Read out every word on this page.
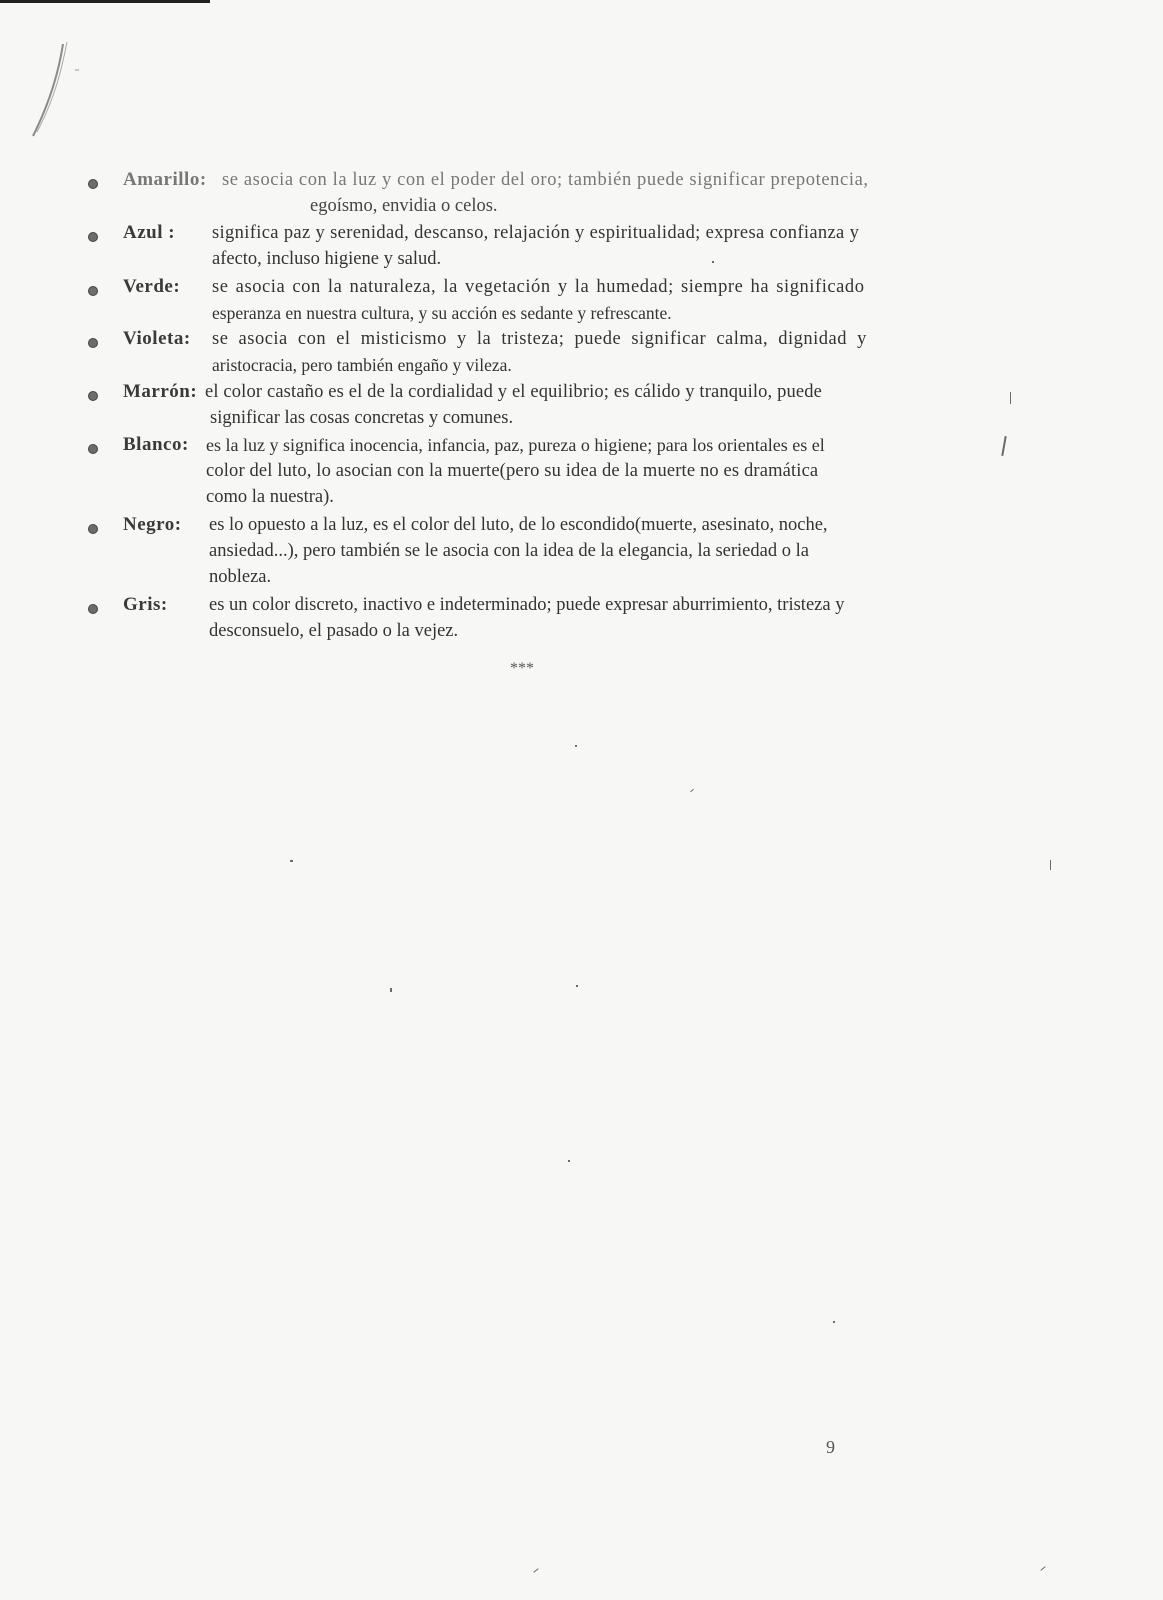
Amarillo: se asocia con la luz y con el poder del oro; también puede significar prepotencia,
egoísmo, envidia o celos.
Azul : significa paz y serenidad, descanso, relajación y espiritualidad; expresa confianza y
afecto, incluso higiene y salud.
Verde: se asocia con la naturaleza, la vegetación y la humedad; siempre ha significado
esperanza en nuestra cultura, y su acción es sedante y refrescante.
Violeta: se asocia con el misticismo y la tristeza; puede significar calma, dignidad y
aristocracia, pero también engaño y vileza.
Marrón: el color castaño es el de la cordialidad y el equilibrio; es cálido y tranquilo, puede
significar las cosas concretas y comunes.
Blanco: es la luz y significa inocencia, infancia, paz, pureza o higiene; para los orientales es el
color del luto, lo asocian con la muerte(pero su idea de la muerte no es dramática
como la nuestra).
Negro: es lo opuesto a la luz, es el color del luto, de lo escondido(muerte, asesinato, noche,
ansiedad...), pero también se le asocia con la idea de la elegancia, la seriedad o la
nobleza.
Gris: es un color discreto, inactivo e indeterminado; puede expresar aburrimiento, tristeza y
desconsuelo, el pasado o la vejez.
***
9
